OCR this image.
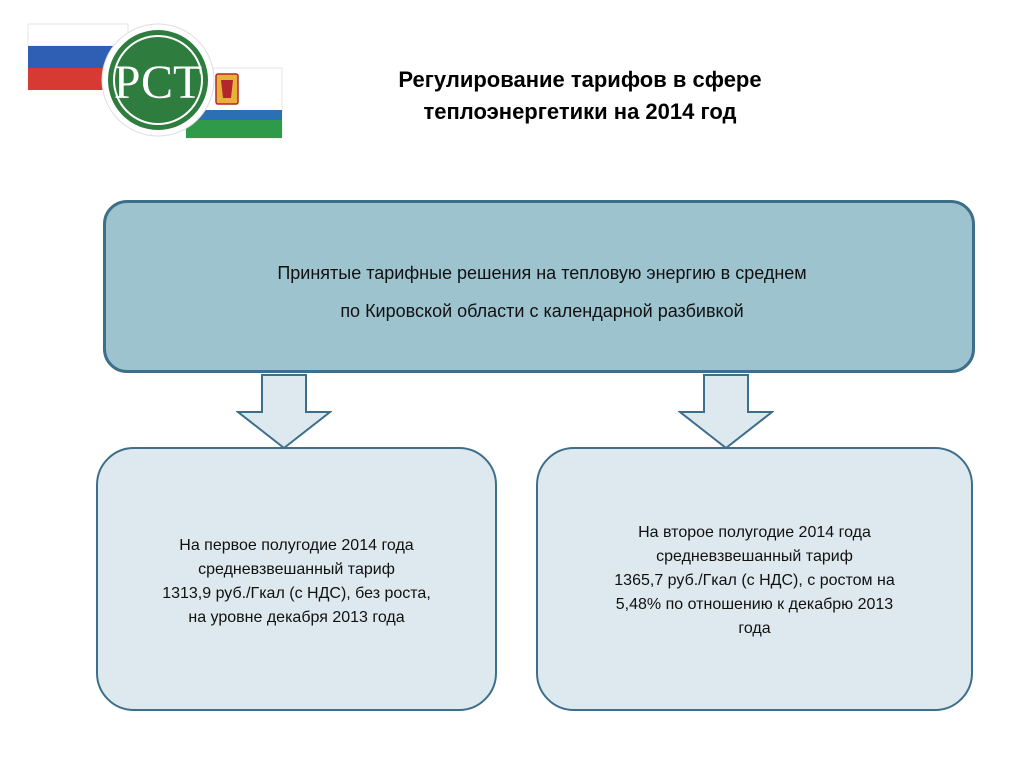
РСТ	Регулирование тарифов в сфере
теплоэнергетики на 2014 год
Принятые тарифные решения на тепловую энергию в среднем
по Кировской области с календарной разбивкой
На первое полугодие 2014 года
средневзвешанный тариф
1313,9 руб./Гкал (с НДС), без роста,
на уровне декабря 2013 года
На второе полугодие 2014 года
средневзвешанный тариф
1365,7 руб./Гкал (с НДС), с ростом на
5,48% по отношению к декабрю 2013
года
